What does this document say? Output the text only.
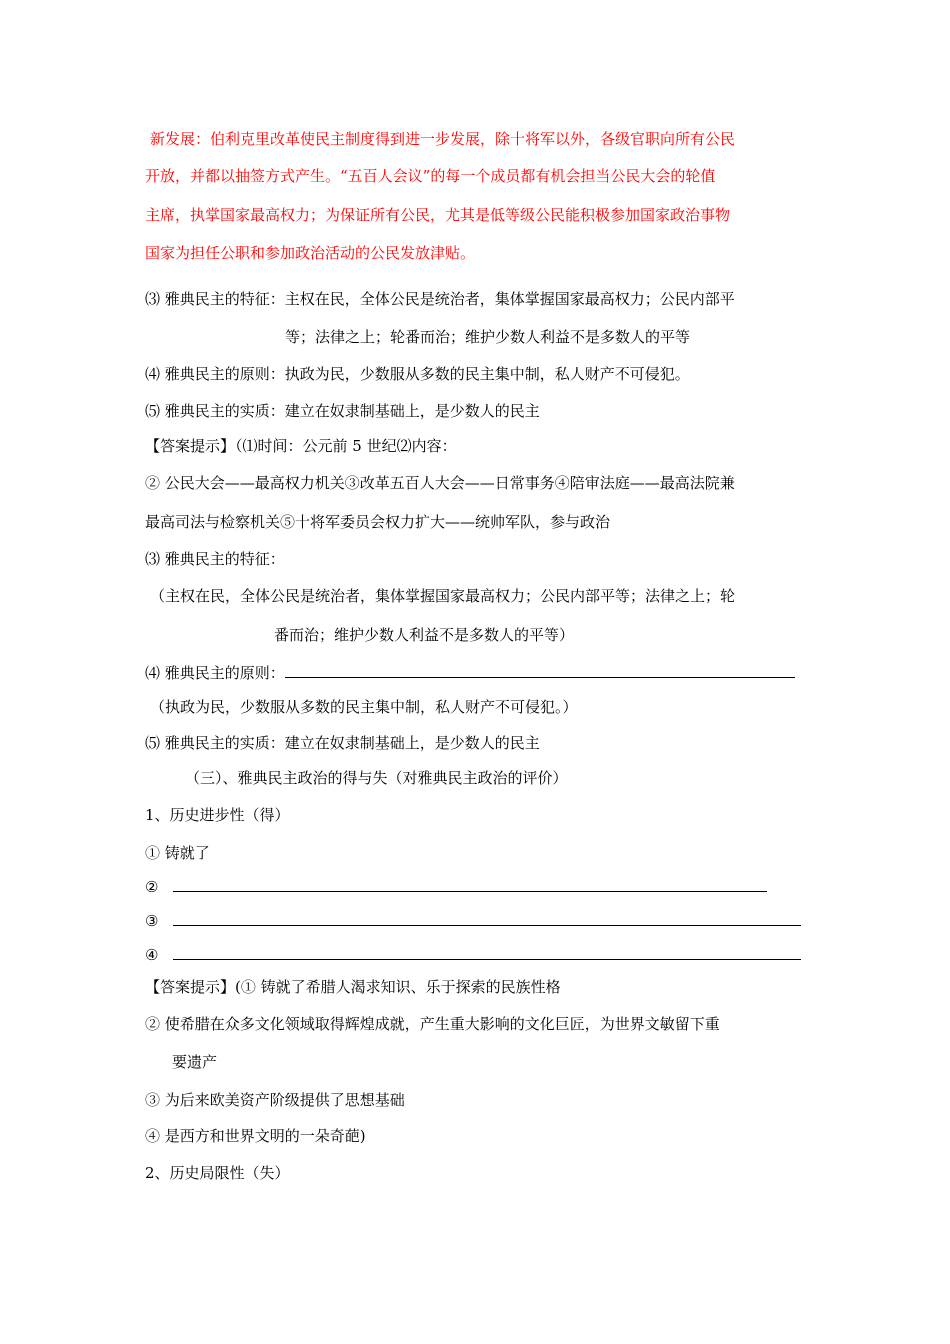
新发展：伯利克里改革使民主制度得到进一步发展，除十将军以外，各级官职向所有公民
开放，并都以抽签方式产生。“五百人会议”的每一个成员都有机会担当公民大会的轮值
主席，执掌国家最高权力；为保证所有公民，尤其是低等级公民能积极参加国家政治事物
国家为担任公职和参加政治活动的公民发放津贴。
⑶ 雅典民主的特征：主权在民，全体公民是统治者，集体掌握国家最高权力；公民内部平
等；法律之上；轮番而治；维护少数人利益不是多数人的平等
⑷ 雅典民主的原则：执政为民，少数服从多数的民主集中制，私人财产不可侵犯。
⑸ 雅典民主的实质：建立在奴隶制基础上，是少数人的民主
【答案提示】（⑴时间：公元前 5 世纪⑵内容：
② 公民大会——最高权力机关③改革五百人大会——日常事务④陪审法庭——最高法院兼
最高司法与检察机关⑤十将军委员会权力扩大——统帅军队，参与政治
⑶ 雅典民主的特征：
（主权在民，全体公民是统治者，集体掌握国家最高权力；公民内部平等；法律之上；轮
番而治；维护少数人利益不是多数人的平等）
⑷ 雅典民主的原则：
（执政为民，少数服从多数的民主集中制，私人财产不可侵犯。）
⑸ 雅典民主的实质：建立在奴隶制基础上，是少数人的民主
（三）、雅典民主政治的得与失（对雅典民主政治的评价）
1、历史进步性（得）
① 铸就了
②
③
④
【答案提示】(① 铸就了希腊人渴求知识、乐于探索的民族性格
② 使希腊在众多文化领域取得辉煌成就，产生重大影响的文化巨匠，为世界文敏留下重
要遗产
③ 为后来欧美资产阶级提供了思想基础
④ 是西方和世界文明的一朵奇葩)
2、历史局限性（失）
